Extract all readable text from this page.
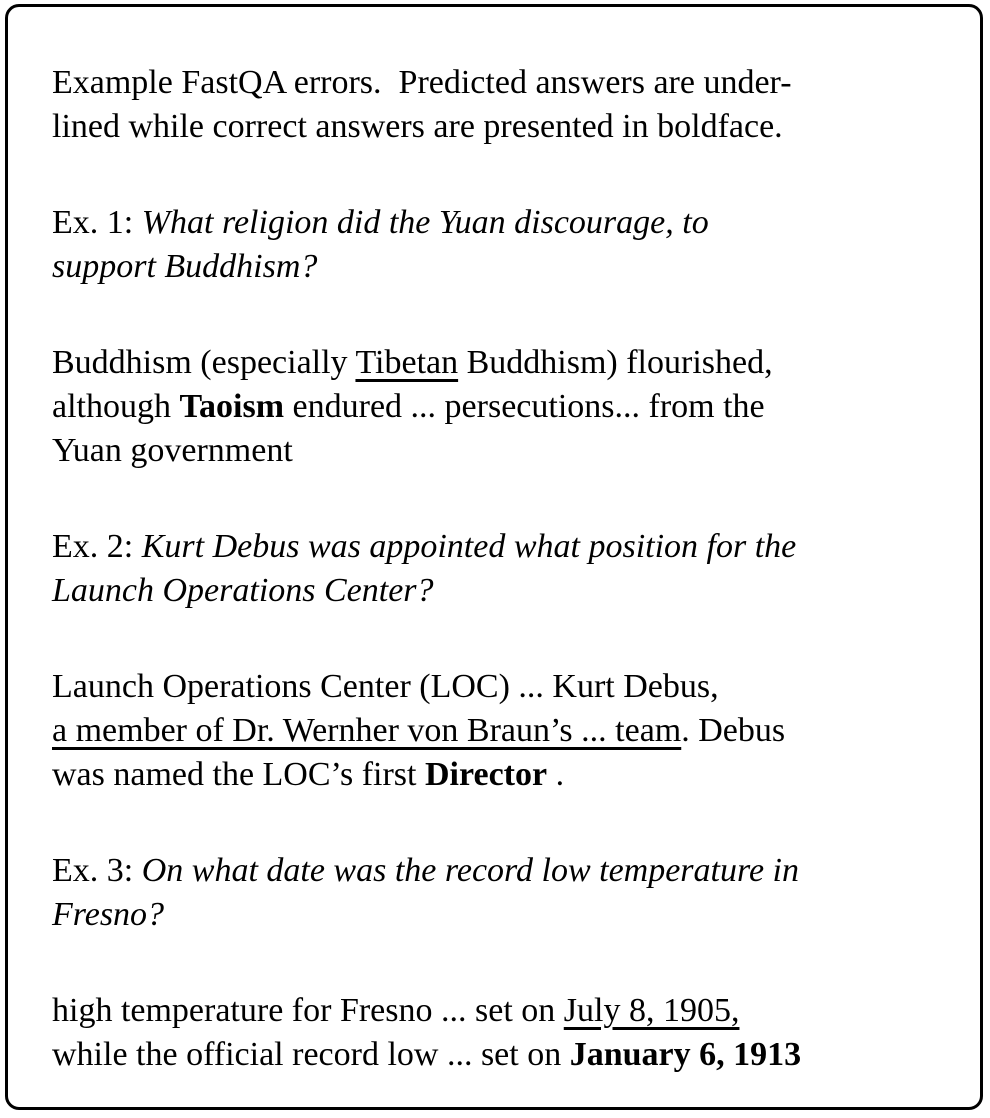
Example FastQA errors.  Predicted answers are under-
lined while correct answers are presented in boldface.
Ex. 1: What religion did the Yuan discourage, to
support Buddhism?
Buddhism (especially Tibetan Buddhism) flourished,
although Taoism endured ... persecutions... from the
Yuan government
Ex. 2: Kurt Debus was appointed what position for the
Launch Operations Center?
Launch Operations Center (LOC) ... Kurt Debus,
a member of Dr. Wernher von Braun’s ... team. Debus
was named the LOC’s first Director .
Ex. 3: On what date was the record low temperature in
Fresno?
high temperature for Fresno ... set on July 8, 1905,
while the official record low ... set on January 6, 1913
